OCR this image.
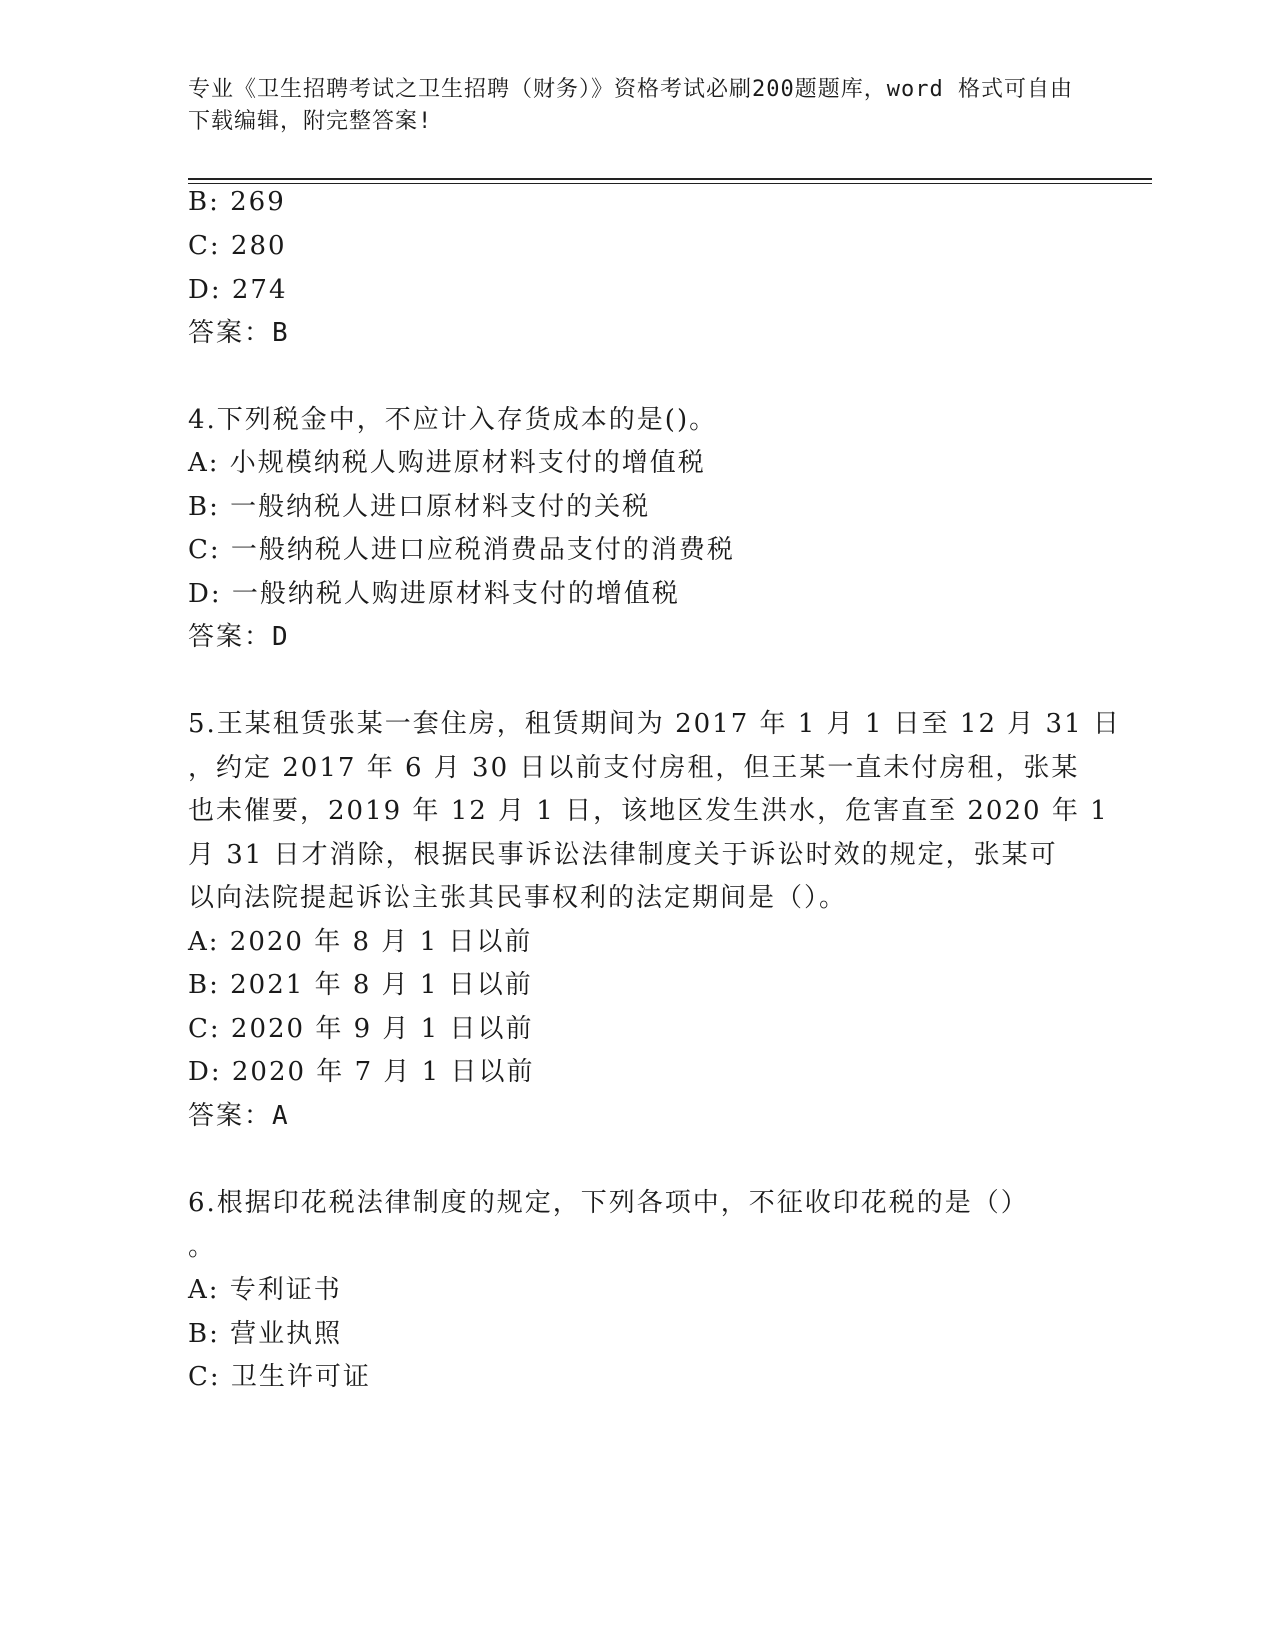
专业《卫生招聘考试之卫生招聘（财务）》资格考试必刷200题题库，word 格式可自由下载编辑，附完整答案!
B: 269
C: 280
D: 274
答案：B
4.下列税金中，不应计入存货成本的是()。
A: 小规模纳税人购进原材料支付的增值税
B: 一般纳税人进口原材料支付的关税
C: 一般纳税人进口应税消费品支付的消费税
D: 一般纳税人购进原材料支付的增值税
答案：D
5.王某租赁张某一套住房，租赁期间为 2017 年 1 月 1 日至 12 月 31 日
，约定 2017 年 6 月 30 日以前支付房租，但王某一直未付房租，张某
也未催要，2019 年 12 月 1 日，该地区发生洪水，危害直至 2020 年 1
月 31 日才消除，根据民事诉讼法律制度关于诉讼时效的规定，张某可
以向法院提起诉讼主张其民事权利的法定期间是（）。
A: 2020 年 8 月 1 日以前
B: 2021 年 8 月 1 日以前
C: 2020 年 9 月 1 日以前
D: 2020 年 7 月 1 日以前
答案：A
6.根据印花税法律制度的规定，下列各项中，不征收印花税的是（）
。
A: 专利证书
B: 营业执照
C: 卫生许可证
